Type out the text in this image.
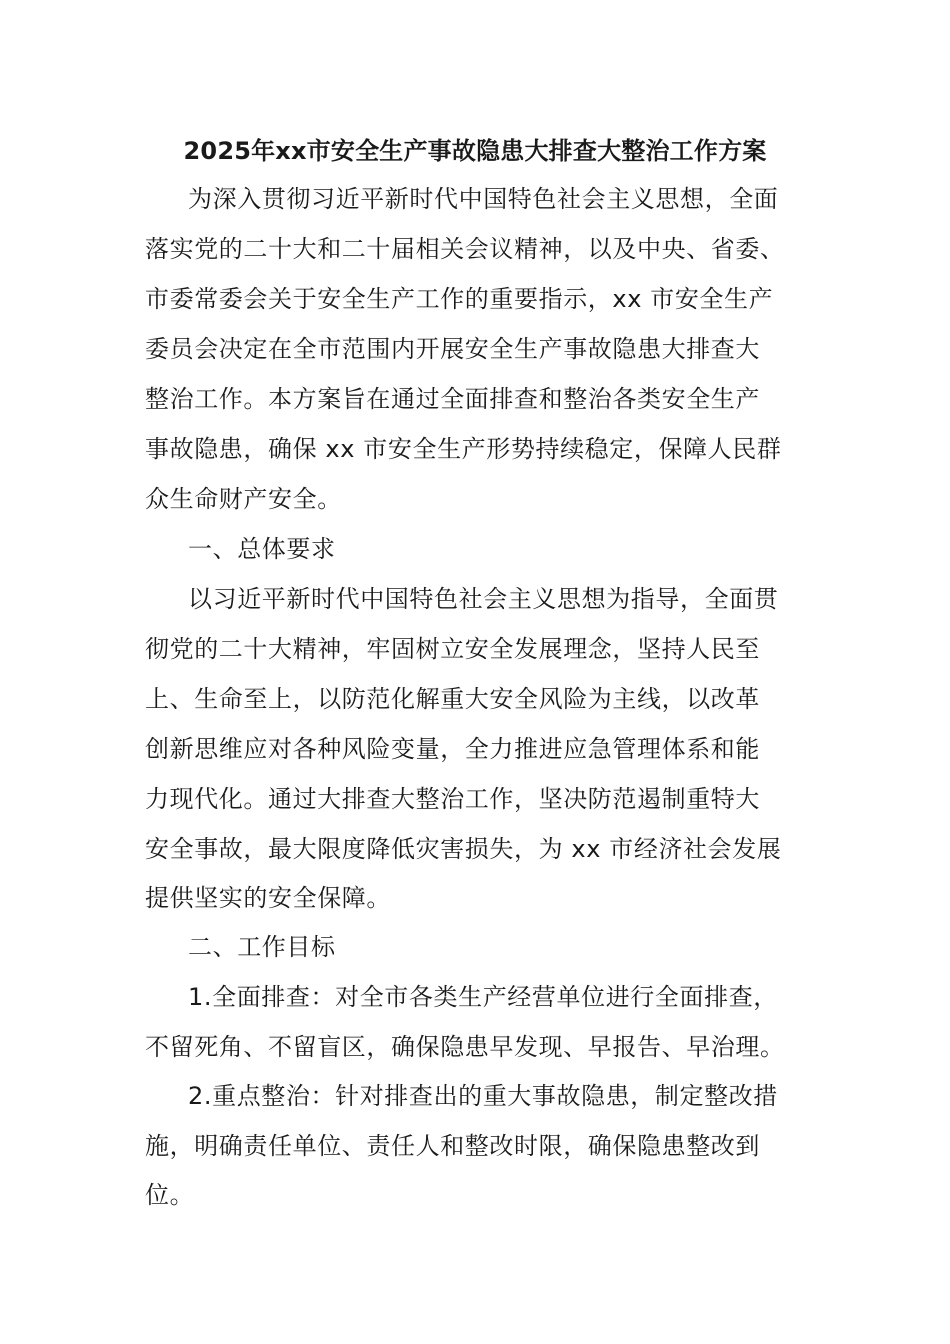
2025年xx市安全生产事故隐患大排查大整治工作方案
为深入贯彻习近平新时代中国特色社会主义思想，全面
落实党的二十大和二十届相关会议精神，以及中央、省委、
市委常委会关于安全生产工作的重要指示，xx 市安全生产
委员会决定在全市范围内开展安全生产事故隐患大排查大
整治工作。本方案旨在通过全面排查和整治各类安全生产
事故隐患，确保 xx 市安全生产形势持续稳定，保障人民群
众生命财产安全。
一、总体要求
以习近平新时代中国特色社会主义思想为指导，全面贯
彻党的二十大精神，牢固树立安全发展理念，坚持人民至
上、生命至上，以防范化解重大安全风险为主线，以改革
创新思维应对各种风险变量，全力推进应急管理体系和能
力现代化。通过大排查大整治工作，坚决防范遏制重特大
安全事故，最大限度降低灾害损失，为 xx 市经济社会发展
提供坚实的安全保障。
二、工作目标
1.全面排查：对全市各类生产经营单位进行全面排查，
不留死角、不留盲区，确保隐患早发现、早报告、早治理。
2.重点整治：针对排查出的重大事故隐患，制定整改措
施，明确责任单位、责任人和整改时限，确保隐患整改到
位。
